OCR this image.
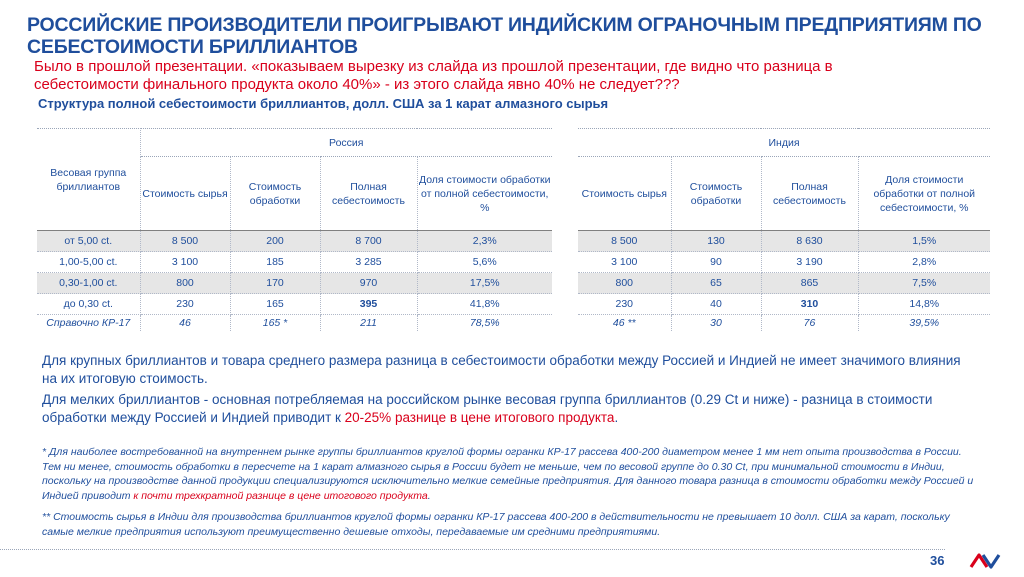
РОССИЙСКИЕ ПРОИЗВОДИТЕЛИ ПРОИГРЫВАЮТ ИНДИЙСКИМ ОГРАНОЧНЫМ ПРЕДПРИЯТИЯМ ПО СЕБЕСТОИМОСТИ БРИЛЛИАНТОВ
Было в прошлой презентации. «показываем вырезку из слайда из прошлой презентации, где видно что разница в себестоимости финального продукта около 40%» - из этого слайда явно 40% не следует???
Структура полной себестоимости бриллиантов, долл. США за 1 карат алмазного сырья
Весовая группа бриллиантов	Россия			
	Стоимость сырья	Стоимость обработки	Полная себестоимость	Доля стоимости обработки от полной себестоимости, %
от 5,00 ct.	8 500	200	8 700	2,3%
1,00-5,00 ct.	3 100	185	3 285	5,6%
0,30-1,00 ct.	800	170	970	17,5%
до 0,30 ct.	230	165	395	41,8%
Справочно КР-17	46	165 *	211	78,5%
Индия			
Стоимость сырья	Стоимость обработки	Полная себестоимость	Доля стоимости обработки от полной себестоимости, %
8 500	130	8 630	1,5%
3 100	90	3 190	2,8%
800	65	865	7,5%
230	40	310	14,8%
46 **	30	76	39,5%
Для крупных бриллиантов и товара среднего размера разница в себестоимости обработки между Россией и Индией не имеет значимого влияния на их итоговую стоимость.
Для мелких бриллиантов - основная потребляемая на российском рынке весовая группа бриллиантов (0.29 Ct и ниже) - разница в стоимости обработки между Россией и Индией приводит к 20-25% разнице в цене итогового продукта.
* Для наиболее востребованной на внутреннем рынке группы бриллиантов круглой формы огранки КР-17 рассева 400-200 диаметром менее 1 мм нет опыта производства в России. Тем ни менее, стоимость обработки в пересчете на 1 карат алмазного сырья в России будет не меньше, чем по весовой группе до 0.30 Ct, при минимальной стоимости в Индии, поскольку на производстве данной продукции специализируются исключительно мелкие семейные предприятия. Для данного товара разница в стоимости обработки между Россией и Индией приводит к почти трехкратной разнице в цене итогового продукта.
** Стоимость сырья в Индии для производства бриллиантов круглой формы огранки КР-17 рассева 400-200 в действительности не превышает 10 долл. США за карат, поскольку самые мелкие предприятия используют преимущественно дешевые отходы, передаваемые им средними предприятиями.
36
